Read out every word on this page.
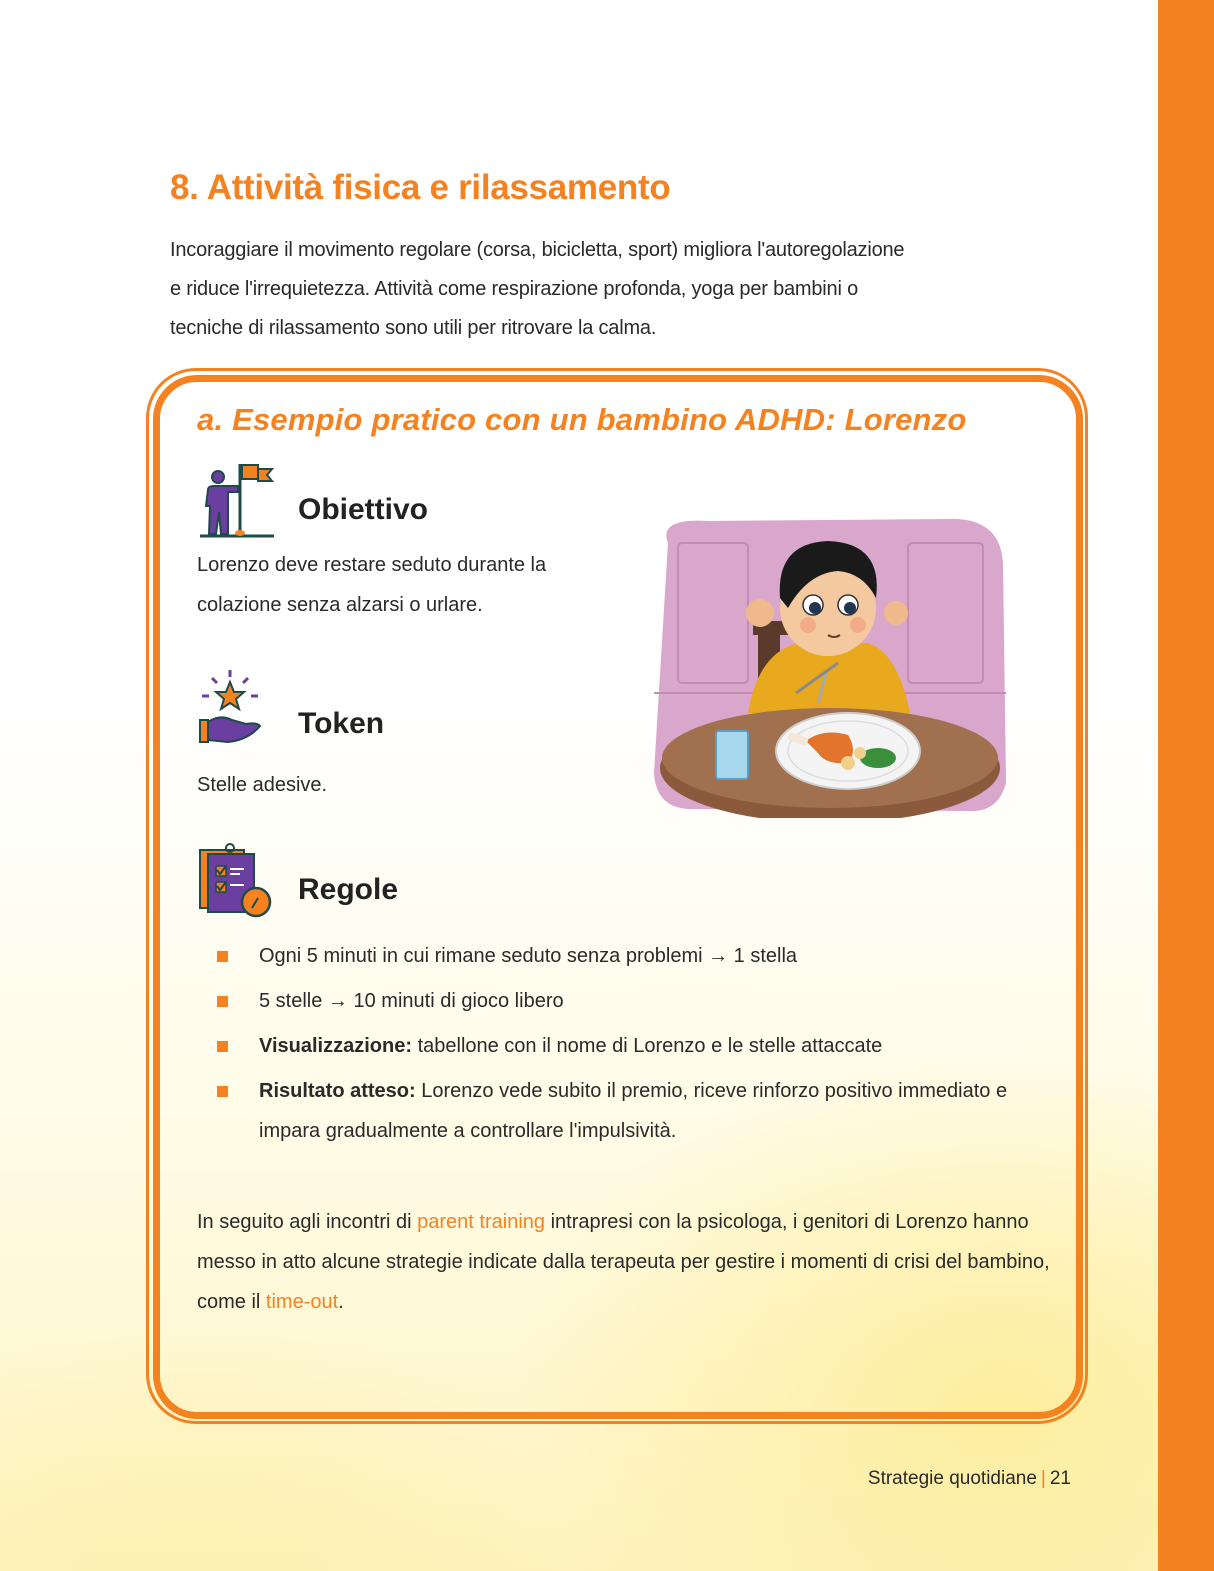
8. Attività fisica e rilassamento

Incoraggiare il movimento regolare (corsa, bicicletta, sport) migliora l'autoregolazione
e riduce l'irrequietezza. Attività come respirazione profonda, yoga per bambini o
tecniche di rilassamento sono utili per ritrovare la calma.

a. Esempio pratico con un bambino ADHD: Lorenzo
Obiettivo

Lorenzo deve restare seduto durante la
colazione senza alzarsi o urlare.

Token

Stelle adesive.

Regole
Ogni 5 minuti in cui rimane seduto senza problemi → 1 stella
5 stelle → 10 minuti di gioco libero
Visualizzazione: tabellone con il nome di Lorenzo e le stelle attaccate
Risultato atteso: Lorenzo vede subito il premio, riceve rinforzo positivo immediato e impara gradualmente a controllare l'impulsività.

In seguito agli incontri di parent training intrapresi con la psicologa, i genitori di Lorenzo hanno messo in atto alcune strategie indicate dalla terapeuta per gestire i momenti di crisi del bambino, come il time-out.

Strategie quotidiane | 21
